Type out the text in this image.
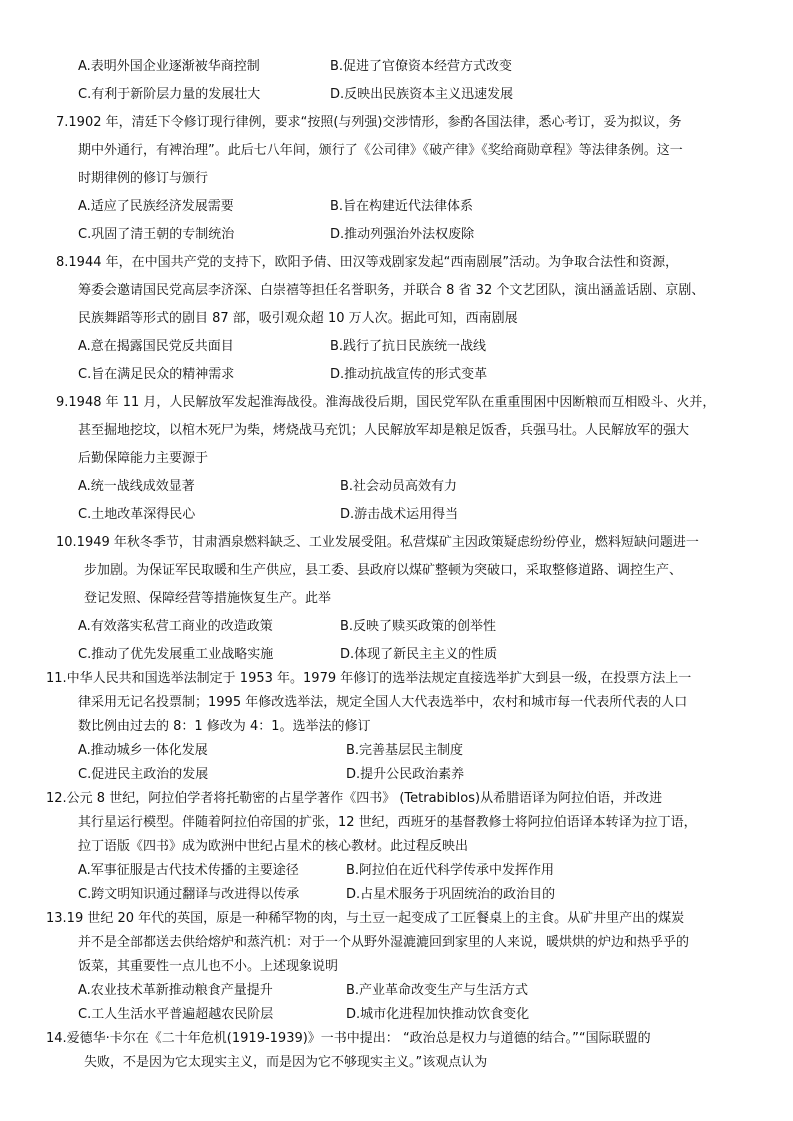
A.表明外国企业逐渐被华商控制	B.促进了官僚资本经营方式改变
C.有利于新阶层力量的发展壮大	D.反映出民族资本主义迅速发展
7.1902 年，清廷下令修订现行律例，要求“按照(与列强)交涉情形，参酌各国法律，悉心考订，妥为拟议，务
期中外通行，有裨治理”。此后七八年间，颁行了《公司律》《破产律》《奖给商勋章程》等法律条例。这一
时期律例的修订与颁行
A.适应了民族经济发展需要	B.旨在构建近代法律体系
C.巩固了清王朝的专制统治	D.推动列强治外法权废除
8.1944 年，在中国共产党的支持下，欧阳予倩、田汉等戏剧家发起“西南剧展”活动。为争取合法性和资源，
筹委会邀请国民党高层李济深、白崇禧等担任名誉职务，并联合 8 省 32 个文艺团队，演出涵盖话剧、京剧、
民族舞蹈等形式的剧目 87 部，吸引观众超 10 万人次。据此可知，西南剧展
A.意在揭露国民党反共面目	B.践行了抗日民族统一战线
C.旨在满足民众的精神需求	D.推动抗战宣传的形式变革
9.1948 年 11 月，人民解放军发起淮海战役。淮海战役后期，国民党军队在重重围困中因断粮而互相殴斗、火并，
甚至掘地挖坟，以棺木死尸为柴，烤烧战马充饥；人民解放军却是粮足饭香，兵强马壮。人民解放军的强大
后勤保障能力主要源于
A.统一战线成效显著	B.社会动员高效有力
C.土地改革深得民心	D.游击战术运用得当
10.1949 年秋冬季节，甘肃酒泉燃料缺乏、工业发展受阻。私营煤矿主因政策疑虑纷纷停业，燃料短缺问题进一
步加剧。为保证军民取暖和生产供应，县工委、县政府以煤矿整顿为突破口，采取整修道路、调控生产、
登记发照、保障经营等措施恢复生产。此举
A.有效落实私营工商业的改造政策	B.反映了赎买政策的创举性
C.推动了优先发展重工业战略实施	D.体现了新民主主义的性质
11.中华人民共和国选举法制定于 1953 年。1979 年修订的选举法规定直接选举扩大到县一级，在投票方法上一
律采用无记名投票制；1995 年修改选举法，规定全国人大代表选举中，农村和城市每一代表所代表的人口
数比例由过去的 8：1 修改为 4：1。选举法的修订
A.推动城乡一体化发展	B.完善基层民主制度
C.促进民主政治的发展	D.提升公民政治素养
12.公元 8 世纪，阿拉伯学者将托勒密的占星学著作《四书》 (Tetrabiblos)从希腊语译为阿拉伯语，并改进
其行星运行模型。伴随着阿拉伯帝国的扩张，12 世纪，西班牙的基督教修士将阿拉伯语译本转译为拉丁语，
拉丁语版《四书》成为欧洲中世纪占星术的核心教材。此过程反映出
A.军事征服是古代技术传播的主要途径	B.阿拉伯在近代科学传承中发挥作用
C.跨文明知识通过翻译与改进得以传承	D.占星术服务于巩固统治的政治目的
13.19 世纪 20 年代的英国，原是一种稀罕物的肉，与土豆一起变成了工匠餐桌上的主食。从矿井里产出的煤炭
并不是全部都送去供给熔炉和蒸汽机：对于一个从野外湿漉漉回到家里的人来说，暖烘烘的炉边和热乎乎的
饭菜，其重要性一点儿也不小。上述现象说明
A.农业技术革新推动粮食产量提升	B.产业革命改变生产与生活方式
C.工人生活水平普遍超越农民阶层	D.城市化进程加快推动饮食变化
14.爱德华·卡尔在《二十年危机(1919-1939)》一书中提出： “政治总是权力与道德的结合。”“国际联盟的
失败，不是因为它太现实主义，而是因为它不够现实主义。”该观点认为
